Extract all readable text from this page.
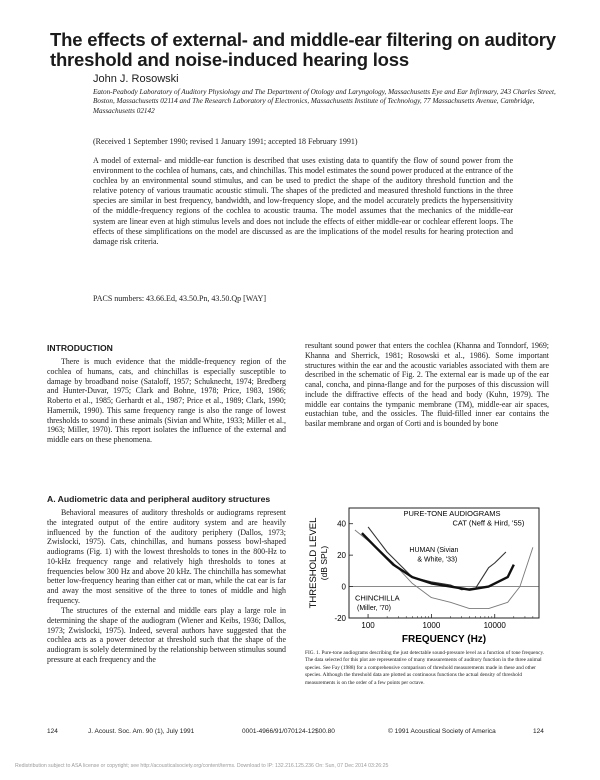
The effects of external- and middle-ear filtering on auditory threshold and noise-induced hearing loss
John J. Rosowski
Eaton-Peabody Laboratory of Auditory Physiology and The Department of Otology and Laryngology, Massachusetts Eye and Ear Infirmary, 243 Charles Street, Boston, Massachusetts 02114 and The Research Laboratory of Electronics, Massachusetts Institute of Technology, 77 Massachusetts Avenue, Cambridge, Massachusetts 02142
(Received 1 September 1990; revised 1 January 1991; accepted 18 February 1991)
A model of external- and middle-ear function is described that uses existing data to quantify the flow of sound power from the environment to the cochlea of humans, cats, and chinchillas. This model estimates the sound power produced at the entrance of the cochlea by an environmental sound stimulus, and can be used to predict the shape of the auditory threshold function and the relative potency of various traumatic acoustic stimuli. The shapes of the predicted and measured threshold functions in the three species are similar in best frequency, bandwidth, and low-frequency slope, and the model accurately predicts the hypersensitivity of the middle-frequency regions of the cochlea to acoustic trauma. The model assumes that the mechanics of the middle-ear system are linear even at high stimulus levels and does not include the effects of either middle-ear or cochlear efferent loops. The effects of these simplifications on the model are discussed as are the implications of the model results for hearing protection and damage risk criteria.
PACS numbers: 43.66.Ed, 43.50.Pn, 43.50.Qp [WAY]
INTRODUCTION
There is much evidence that the middle-frequency region of the cochlea of humans, cats, and chinchillas is especially susceptible to damage by broadband noise (Sataloff, 1957; Schuknecht, 1974; Bredberg and Hunter-Duvar, 1975; Clark and Bohne, 1978; Price, 1983, 1986; Roberto et al., 1985; Gerhardt et al., 1987; Price et al., 1989; Clark, 1990; Hamernik, 1990). This same frequency range is also the range of lowest thresholds to sound in these animals (Sivian and White, 1933; Miller et al., 1963; Miller, 1970). This report isolates the influence of the external and middle ears on these phenomena.
A. Audiometric data and peripheral auditory structures
Behavioral measures of auditory thresholds or audiograms represent the integrated output of the entire auditory system and are heavily influenced by the function of the auditory periphery (Dallos, 1973; Zwislocki, 1975). Cats, chinchillas, and humans possess bowl-shaped audiograms (Fig. 1) with the lowest thresholds to tones in the 800-Hz to 10-kHz frequency range and relatively high thresholds to tones at frequencies below 300 Hz and above 20 kHz. The chinchilla has somewhat better low-frequency hearing than either cat or man, while the cat ear is far and away the most sensitive of the three to tones of middle and high frequency.
The structures of the external and middle ears play a large role in determining the shape of the audiogram (Wiener and Keibs, 1936; Dallos, 1973; Zwislocki, 1975). Indeed, several authors have suggested that the cochlea acts as a power detector at threshold such that the shape of the audiogram is solely determined by the relationship between stimulus sound pressure at each frequency and the
resultant sound power that enters the cochlea (Khanna and Tonndorf, 1969; Khanna and Sherrick, 1981; Rosowski et al., 1986). Some important structures within the ear and the acoustic variables associated with them are described in the schematic of Fig. 2. The external ear is made up of the ear canal, concha, and pinna-flange and for the purposes of this discussion will include the diffractive effects of the head and body (Kuhn, 1979). The middle ear contains the tympanic membrane (TM), middle-ear air spaces, eustachian tube, and the ossicles. The fluid-filled inner ear contains the basilar membrane and organ of Corti and is bounded by bone
-20
0
20
40
100	1000	10000
FREQUENCY (Hz)
THRESHOLD LEVEL (dB SPL)
PURE-TONE AUDIOGRAMS
CAT (Neff & Hird, '55)
HUMAN (Sivian
& White, '33)
CHINCHILLA
(Miller, '70)
FIG. 1. Pure-tone audiograms describing the just detectable sound-pressure level as a function of tone frequency. The data selected for this plot are representative of many measurements of auditory function in the three animal species. See Fay (1988) for a comprehensive comparison of threshold measurements made in these and other species. Although the threshold data are plotted as continuous functions the actual density of threshold measurements is on the order of a few points per octave.
124	J. Acoust. Soc. Am. 90 (1), July 1991	0001-4966/91/070124-12$00.80	© 1991 Acoustical Society of America	124
Redistribution subject to ASA license or copyright; see http://acousticalsociety.org/content/terms. Download to IP: 132.216.125.236 On: Sun, 07 Dec 2014 03:26:25
